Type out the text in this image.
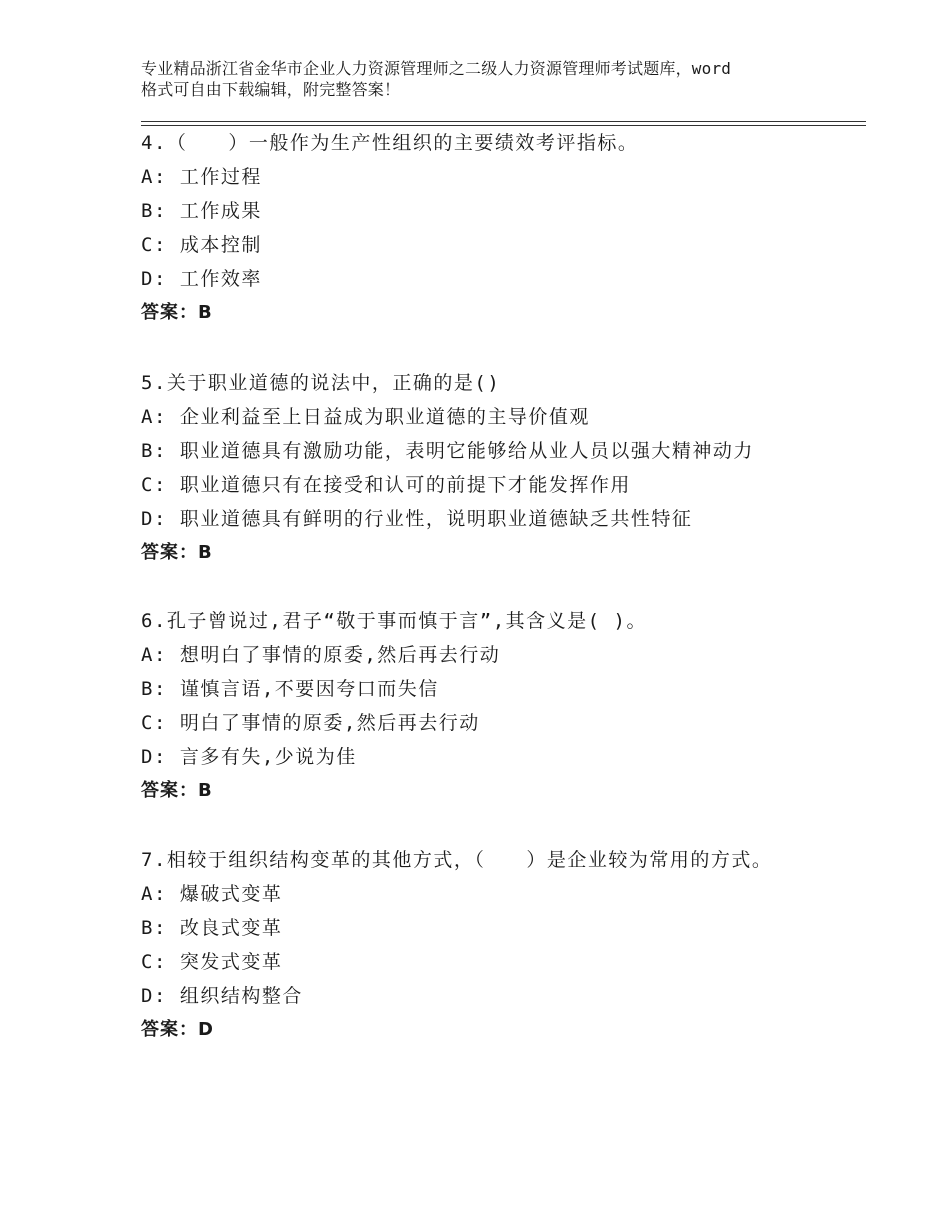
专业精品浙江省金华市企业人力资源管理师之二级人力资源管理师考试题库，word
格式可自由下载编辑，附完整答案！
4.（　　）一般作为生产性组织的主要绩效考评指标。
A: 工作过程
B: 工作成果
C: 成本控制
D: 工作效率
答案：B
5.关于职业道德的说法中，正确的是()
A: 企业利益至上日益成为职业道德的主导价值观
B: 职业道德具有激励功能，表明它能够给从业人员以强大精神动力
C: 职业道德只有在接受和认可的前提下才能发挥作用
D: 职业道德具有鲜明的行业性，说明职业道德缺乏共性特征
答案：B
6.孔子曾说过,君子“敬于事而慎于言”,其含义是( )。
A: 想明白了事情的原委,然后再去行动
B: 谨慎言语,不要因夸口而失信
C: 明白了事情的原委,然后再去行动
D: 言多有失,少说为佳
答案：B
7.相较于组织结构变革的其他方式，（　　）是企业较为常用的方式。
A: 爆破式变革
B: 改良式变革
C: 突发式变革
D: 组织结构整合
答案：D
